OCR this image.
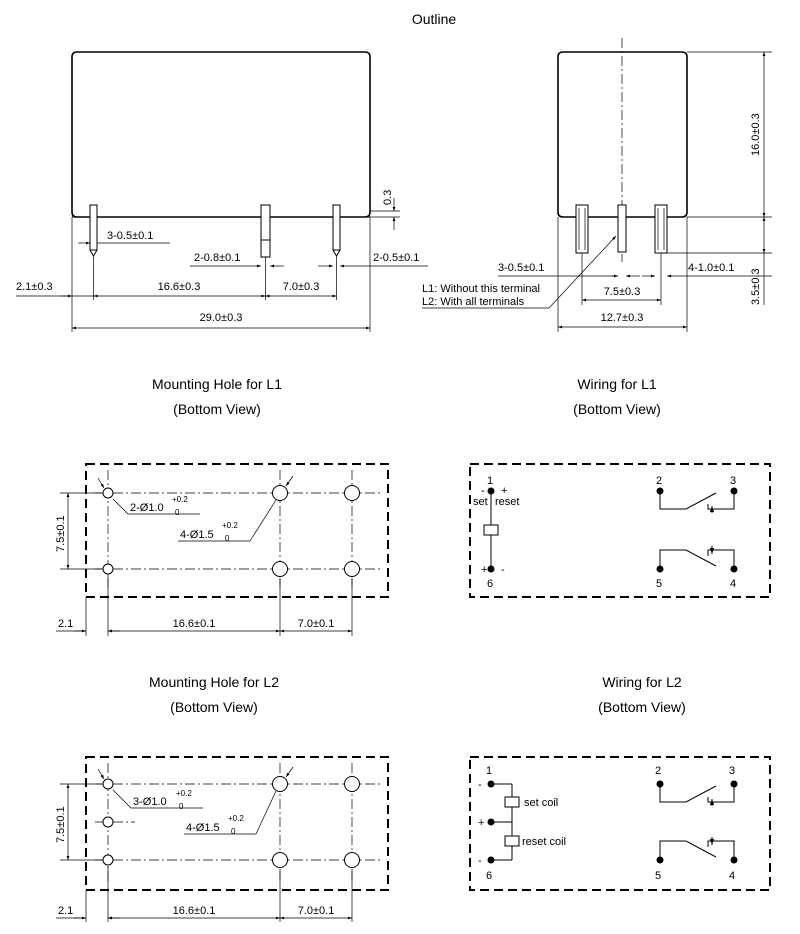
Outline
3-0.5±0.1
2-0.8±0.1	2-0.5±0.1
0.3
2.1±0.3	16.6±0.3	7.0±0.3
29.0±0.3
16.0±0.3
3.5±0.3
3-0.5±0.1	4-1.0±0.1
7.5±0.3
12.7±0.3
L1: Without this terminal
L2: With all terminals
Mounting Hole for L1
(Bottom View)
2-Ø1.0
+0.2
0
4-Ø1.5
+0.2
0
7.5±0.1
2.1	16.6±0.1	7.0±0.1
Wiring for L1
(Bottom View)
1
- +
set reset
+ -
6
2	3
5	4
Mounting Hole for L2
(Bottom View)
3-Ø1.0
+0.2
0
4-Ø1.5
+0.2
0
7.5±0.1
2.1	16.6±0.1	7.0±0.1
Wiring for L2
(Bottom View)
1
-
set coil
+
reset coil
-
6
2	3
5	4
